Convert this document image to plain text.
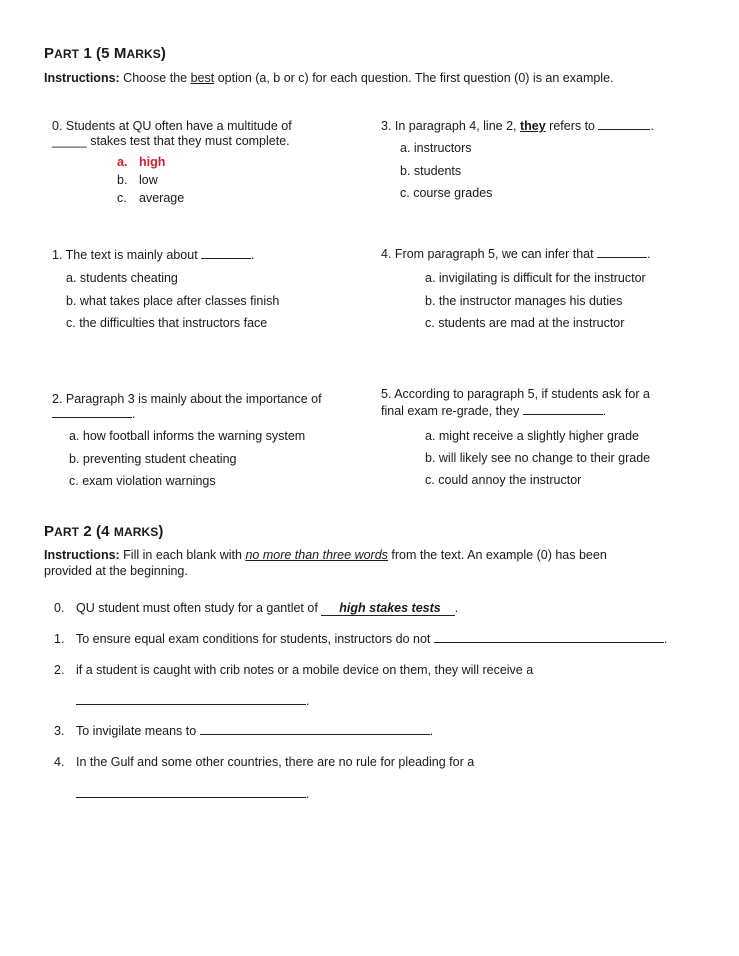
PART 1 (5 MARKS)
Instructions: Choose the best option (a, b or c) for each question. The first question (0) is an example.
0. Students at QU often have a multitude of
_____ stakes test that they must complete.
a. high
b. low
c. average
3. In paragraph 4, line 2, they refers to	.
a. instructors
b. students
c. course grades
1. The text is mainly about	.
a. students cheating
b. what takes place after classes finish
c. the difficulties that instructors face
4. From paragraph 5, we can infer that	.
a. invigilating is difficult for the instructor
b. the instructor manages his duties
c. students are mad at the instructor
2. Paragraph 3 is mainly about the importance of
.
a. how football informs the warning system
b. preventing student cheating
c. exam violation warnings
5. According to paragraph 5, if students ask for a
final exam re-grade, they	.
a. might receive a slightly higher grade
b. will likely see no change to their grade
c. could annoy the instructor
PART 2 (4 MARKS)
Instructions: Fill in each blank with no more than three words from the text. An example (0) has been
provided at the beginning.
0. QU student must often study for a gantlet of high stakes tests .
1. To ensure equal exam conditions for students, instructors do not	.
2. if a student is caught with crib notes or a mobile device on them, they will receive a
.
3. To invigilate means to	.
4. In the Gulf and some other countries, there are no rule for pleading for a
.
